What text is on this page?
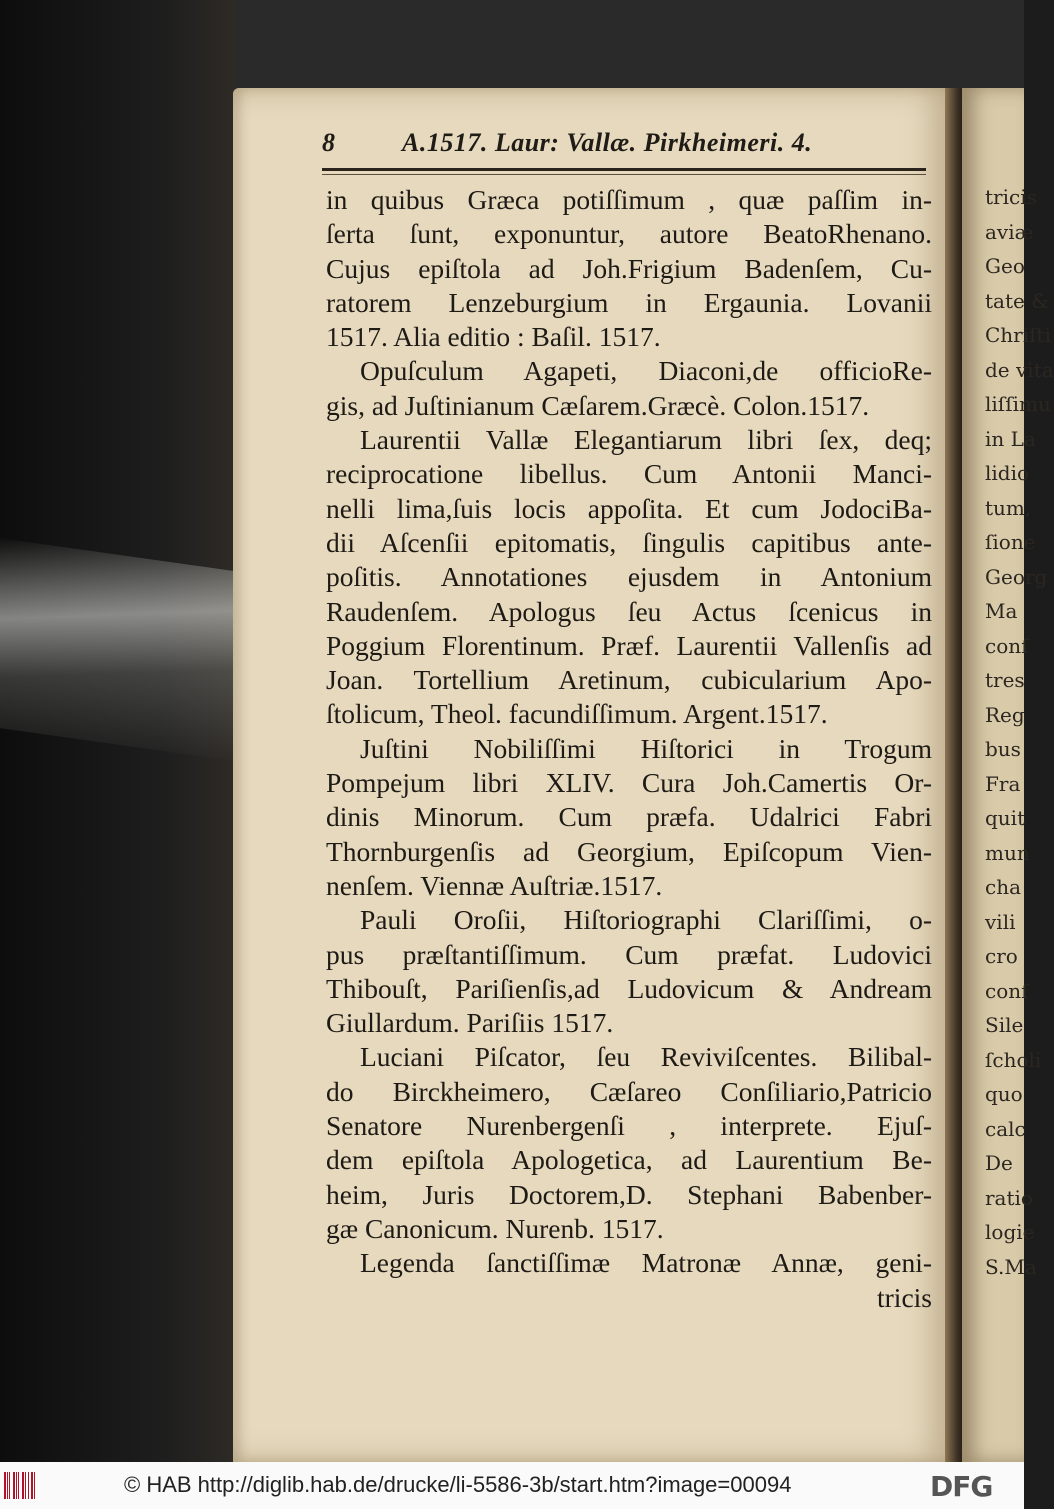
tricis
aviæ
Geo
tate &
Chriſti
de vita
liſſimu
in La
lidio
tum,
ſione
Georg
Ma
conſ
tres
Reg
bus
Fra
quit
mun
cha
vili
cro
conſ
Sile
ſcholi
quo
calc
De
ratio
logie
S.Ma
8	A.1517. Laur: Vallæ. Pirkheimeri. 4.
in quibus Græca potiſſimum , quæ paſſim in-
ſerta ſunt, exponuntur, autore BeatoRhenano.
Cujus epiſtola ad Joh.Frigium Badenſem, Cu-
ratorem Lenzeburgium in Ergaunia. Lovanii
1517. Alia editio : Baſil. 1517.
Opuſculum Agapeti, Diaconi,de officioRe-
gis, ad Juſtinianum Cæſarem.Græcè. Colon.1517.
Laurentii Vallæ Elegantiarum libri ſex, deq;
reciprocatione libellus. Cum Antonii Manci-
nelli lima,ſuis locis appoſita. Et cum JodociBa-
dii Aſcenſii epitomatis, ſingulis capitibus ante-
poſitis. Annotationes ejusdem in Antonium
Raudenſem. Apologus ſeu Actus ſcenicus in
Poggium Florentinum. Præf. Laurentii Vallenſis ad
Joan. Tortellium Aretinum, cubicularium Apo-
ſtolicum, Theol. facundiſſimum. Argent.1517.
Juſtini Nobiliſſimi Hiſtorici in Trogum
Pompejum libri XLIV. Cura Joh.Camertis Or-
dinis Minorum. Cum præfa. Udalrici Fabri
Thornburgenſis ad Georgium, Epiſcopum Vien-
nenſem. Viennæ Auſtriæ.1517.
Pauli Oroſii, Hiſtoriographi Clariſſimi, o-
pus præſtantiſſimum. Cum præfat. Ludovici
Thibouſt, Pariſienſis,ad Ludovicum & Andream
Giullardum. Pariſiis 1517.
Luciani Piſcator, ſeu Reviviſcentes. Bilibal-
do Birckheimero, Cæſareo Conſiliario,Patricio
Senatore Nurenbergenſi , interprete. Ejuſ-
dem epiſtola Apologetica, ad Laurentium Be-
heim, Juris Doctorem,D. Stephani Babenber-
gæ Canonicum. Nurenb. 1517.
Legenda ſanctiſſimæ Matronæ Annæ, geni-
tricis
© HAB http://diglib.hab.de/drucke/li-5586-3b/start.htm?image=00094	DFG
